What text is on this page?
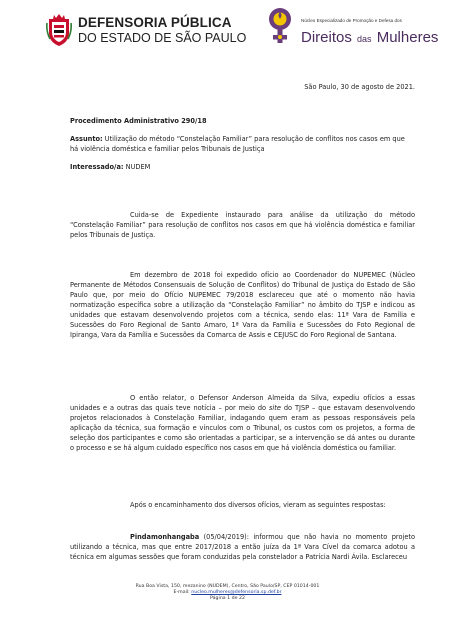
DEFENSORIA PÚBLICA
DO ESTADO DE SÃO PAULO
Núcleo Especializado de Promoção e Defesa dos
Direitos das Mulheres
São Paulo, 30 de agosto de 2021.
Procedimento Administrativo 290/18
Assunto: Utilização do método “Constelação Familiar” para resolução de conflitos nos casos em que há violência doméstica e familiar pelos Tribunais de Justiça
Interessado/a: NUDEM
Cuida-se de Expediente instaurado para análise da utilização do método “Constelação Familiar” para resolução de conflitos nos casos em que há violência doméstica e familiar pelos Tribunais de Justiça.
Em dezembro de 2018 foi expedido ofício ao Coordenador do NUPEMEC (Núcleo Permanente de Métodos Consensuais de Solução de Conflitos) do Tribunal de Justiça do Estado de São Paulo que, por meio do Ofício NUPEMEC 79/2018 esclareceu que até o momento não havia normatização específica sobre a utilização da “Constelação Familiar” no âmbito do TJSP e indicou as unidades que estavam desenvolvendo projetos com a técnica, sendo elas: 11ª Vara de Família e Sucessões do Foro Regional de Santo Amaro, 1ª Vara da Família e Sucessões do Foto Regional de Ipiranga, Vara da Família e Sucessões da Comarca de Assis e CEJUSC do Foro Regional de Santana.
O então relator, o Defensor Anderson Almeida da Silva, expediu ofícios a essas unidades e a outras das quais teve notícia – por meio do site do TJSP – que estavam desenvolvendo projetos relacionados à Constelação Familiar, indagando quem eram as pessoas responsáveis pela aplicação da técnica, sua formação e vínculos com o Tribunal, os custos com os projetos, a forma de seleção dos participantes e como são orientadas a participar, se a intervenção se dá antes ou durante o processo e se há algum cuidado específico nos casos em que há violência doméstica ou familiar.
Após o encaminhamento dos diversos ofícios, vieram as seguintes respostas:
Pindamonhangaba (05/04/2019): informou que não havia no momento projeto utilizando a técnica, mas que entre 2017/2018 a então juíza da 1ª Vara Cível da comarca adotou a técnica em algumas sessões que foram conduzidas pela constelador a Patrícia Nardi Ávila. Esclareceu
Rua Boa Vista, 150, mezanino (NUDEM), Centro, São Paulo/SP, CEP 01014-001
E-mail: nucleo.mulheres@defensoria.sp.def.br
Página 1 de 22
